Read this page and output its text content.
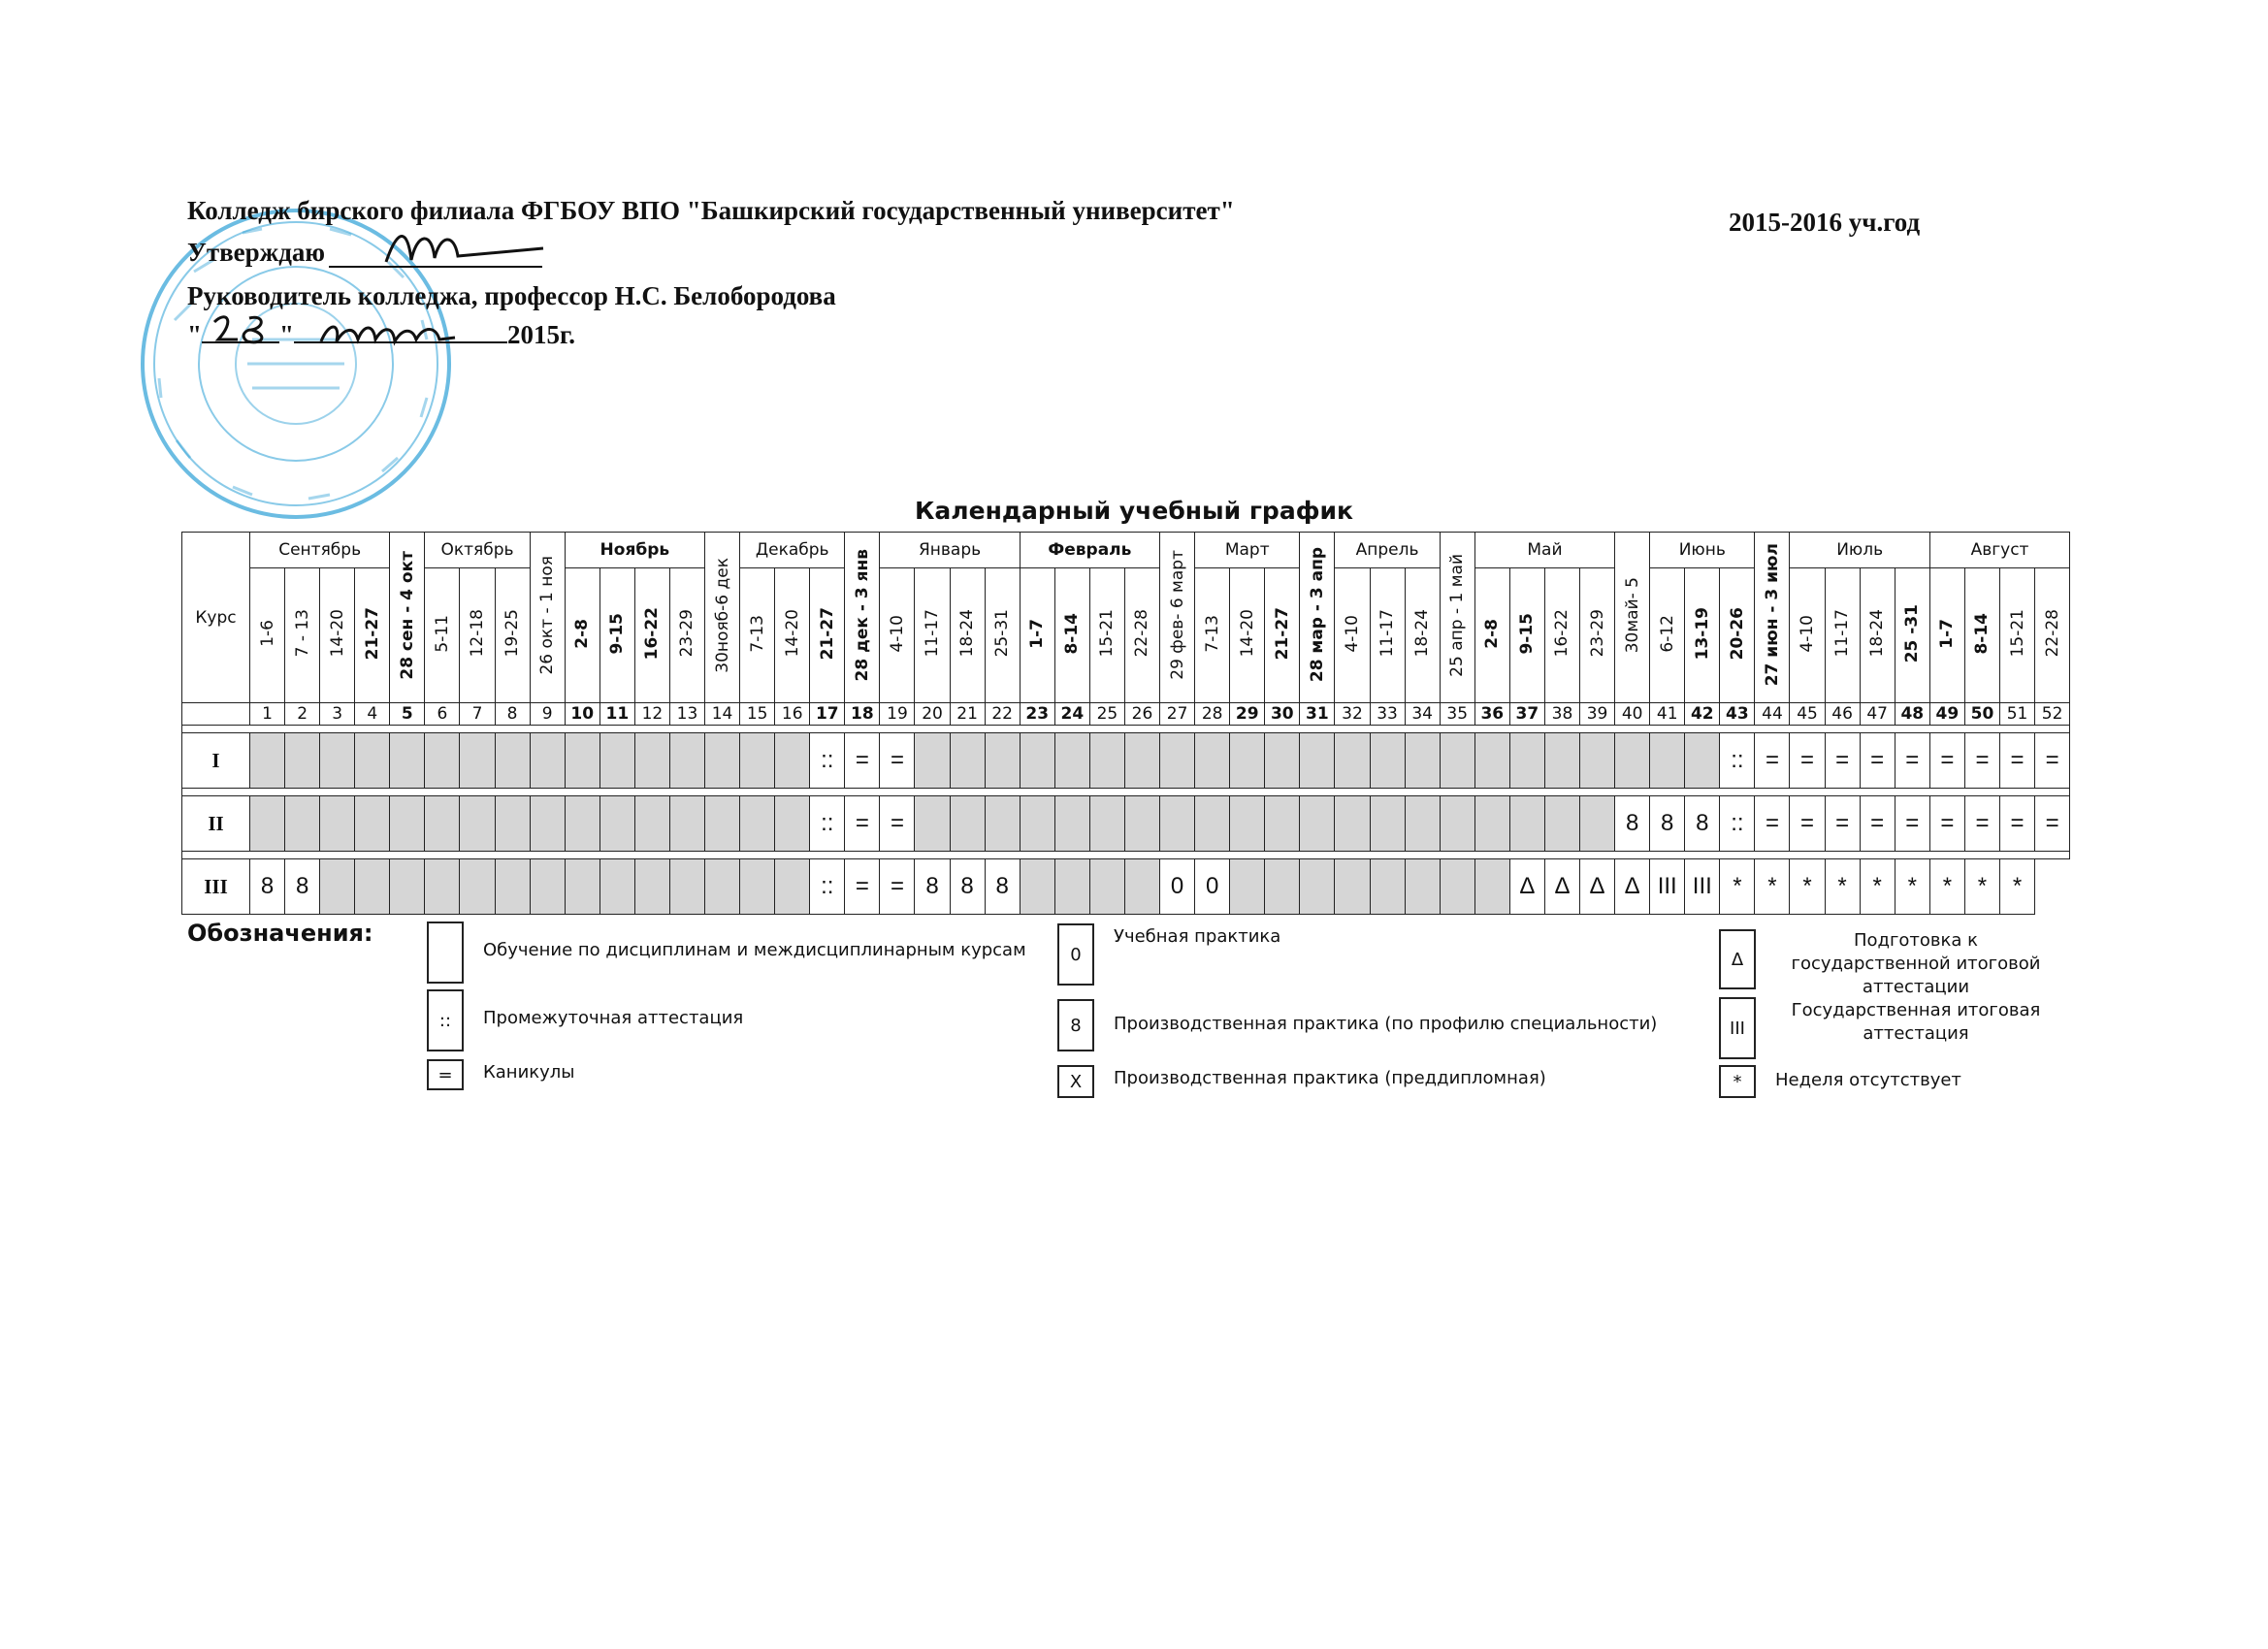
Колледж бирского филиала ФГБОУ ВПО "Башкирский государственный университет"	2015-2016 уч.год
Утверждаю
Руководитель колледжа, профессор Н.С. Белобородова
"	"	2015г.
Календарный учебный график
Курс	Сентябрь				28 сен - 4 окт	Октябрь			26 окт - 1 ноя	Ноябрь				30нояб-6 дек	Декабрь			28 дек - 3 янв	Январь				Февраль				29 фев- 6 март	Март			28 мар - 3 апр	Апрель			25 апр - 1 май	Май				30май- 5	Июнь			27 июн - 3 июл	Июль				Август			
	1-6	7 - 13	14-20	21-27		5-11	12-18	19-25		2-8	9-15	16-22	23-29		7-13	14-20	21-27		4-10	11-17	18-24	25-31	1-7	8-14	15-21	22-28		7-13	14-20	21-27		4-10	11-17	18-24		2-8	9-15	16-22	23-29		6-12	13-19	20-26		4-10	11-17	18-24	25 -31	1-7	8-14	15-21	22-28
	1	2	3	4	5	6	7	8	9	10	11	12	13	14	15	16	17	18	19	20	21	22	23	24	25	26	27	28	29	30	31	32	33	34	35	36	37	38	39	40	41	42	43	44	45	46	47	48	49	50	51	52

I																	::	=	=																								::	=	=	=	=	=	=	=	=	=

II																	::	=	=																					8	8	8	::	=	=	=	=	=	=	=	=	=

III	8	8															::	=	=	8	8	8					0	0									Δ	Δ	Δ	Δ	III	III	*	*	*	*	*	*	*	*	*	
Обозначения:
Обучение по дисциплинам и междисциплинарным курсам
::	Промежуточная аттестация
=	Каникулы
0
Учебная практика
8	Производственная практика (по профилю специальности)
X	Производственная практика (преддипломная)
Δ
Подготовка к государственной итоговой аттестации
III
Государственная итоговая аттестация
*	Неделя отсутствует
